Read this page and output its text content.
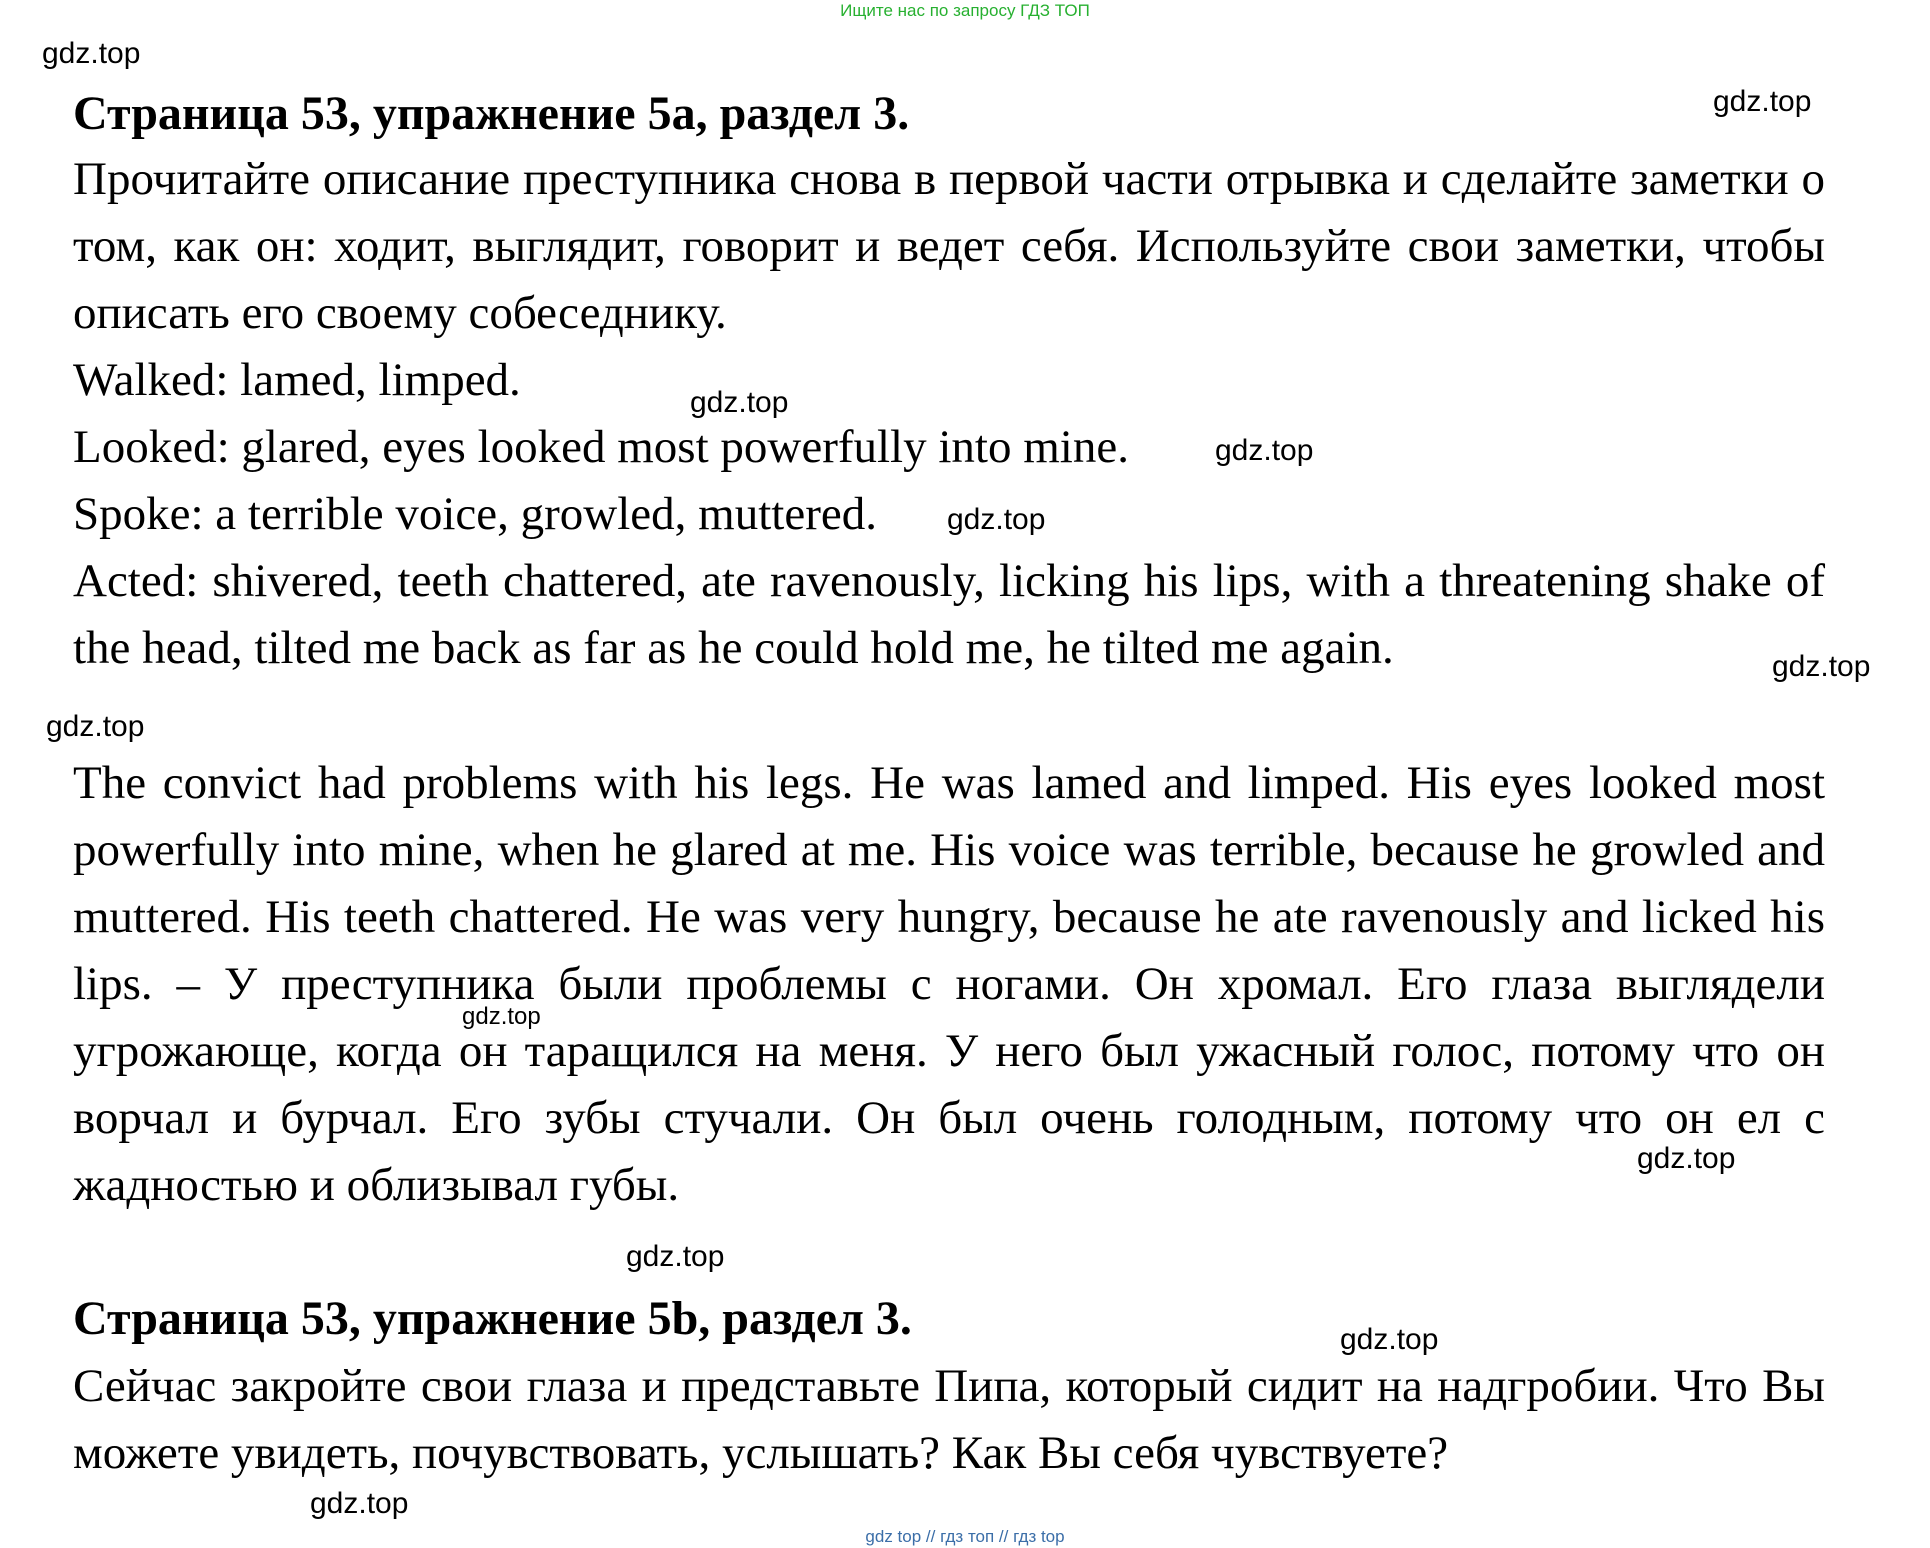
Ищите нас по запросу ГДЗ ТОП
gdz top // гдз топ // гдз top
Страница 53, упражнение 5a, раздел 3.

Прочитайте описание преступника снова в первой части отрывка и сделайте заметки о том, как он: ходит, выглядит, говорит и ведет себя. Используйте свои заметки, чтобы описать его своему собеседнику.

Walked: lamed, limped.

Looked: glared, eyes looked most powerfully into mine.

Spoke: a terrible voice, growled, muttered.

Acted: shivered, teeth chattered, ate ravenously, licking his lips, with a threatening shake of the head, tilted me back as far as he could hold me, he tilted me again.

The convict had problems with his legs. He was lamed and limped. His eyes looked most powerfully into mine, when he glared at me. His voice was terrible, because he growled and muttered. His teeth chattered. He was very hungry, because he ate ravenously and licked his lips. – У преступника были проблемы с ногами. Он хромал. Его глаза выглядели угрожающе, когда он таращился на меня. У него был ужасный голос, потому что он ворчал и бурчал. Его зубы стучали. Он был очень голодным, потому что он ел с жадностью и облизывал губы.

Страница 53, упражнение 5b, раздел 3.

Сейчас закройте свои глаза и представьте Пипа, который сидит на надгробии. Что Вы можете увидеть, почувствовать, услышать? Как Вы себя чувствуете?

gdz.top
gdz.top
gdz.top
gdz.top
gdz.top
gdz.top
gdz.top
gdz.top
gdz.top
gdz.top
gdz.top
gdz.top
